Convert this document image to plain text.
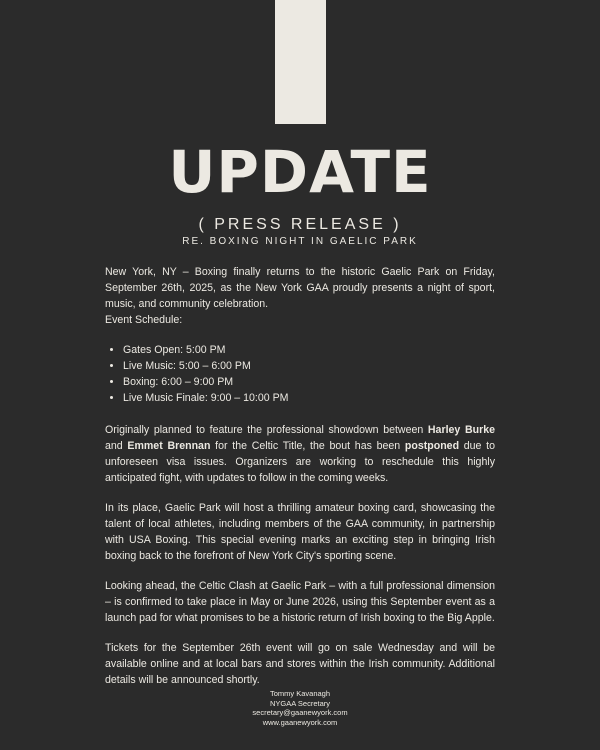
UPDATE
( PRESS RELEASE )
RE. BOXING NIGHT IN GAELIC PARK

New York, NY – Boxing finally returns to the historic Gaelic Park on Friday, September 26th, 2025, as the New York GAA proudly presents a night of sport, music, and community celebration.

Event Schedule:

• Gates Open: 5:00 PM
• Live Music: 5:00 – 6:00 PM
• Boxing: 6:00 – 9:00 PM
• Live Music Finale: 9:00 – 10:00 PM

Originally planned to feature the professional showdown between Harley Burke and Emmet Brennan for the Celtic Title, the bout has been postponed due to unforeseen visa issues. Organizers are working to reschedule this highly anticipated fight, with updates to follow in the coming weeks.

In its place, Gaelic Park will host a thrilling amateur boxing card, showcasing the talent of local athletes, including members of the GAA community, in partnership with USA Boxing. This special evening marks an exciting step in bringing Irish boxing back to the forefront of New York City's sporting scene.

Looking ahead, the Celtic Clash at Gaelic Park – with a full professional dimension – is confirmed to take place in May or June 2026, using this September event as a launch pad for what promises to be a historic return of Irish boxing to the Big Apple.

Tickets for the September 26th event will go on sale Wednesday and will be available online and at local bars and stores within the Irish community. Additional details will be announced shortly.

Tommy Kavanagh
NYGAA Secretary
secretary@gaanewyork.com
www.gaanewyork.com
